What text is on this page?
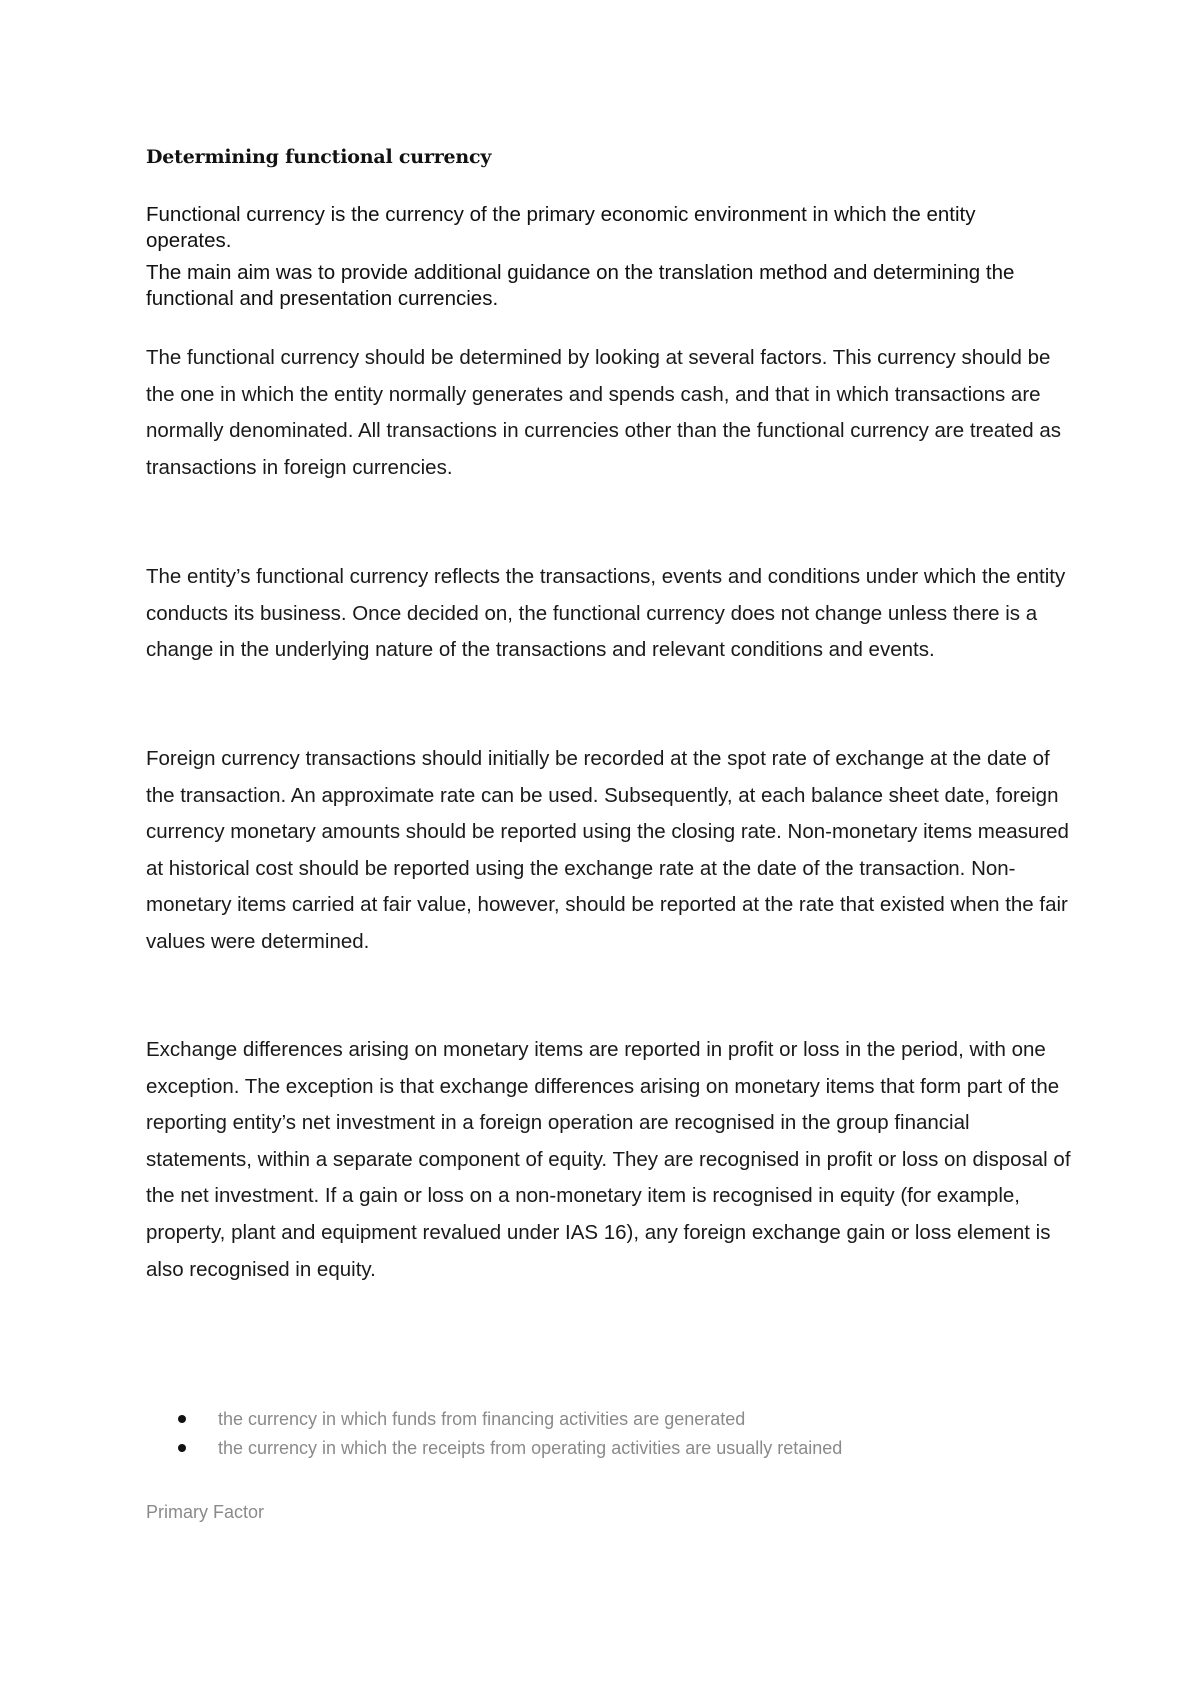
Determining functional currency

Functional currency is the currency of the primary economic environment in which the entity operates.

The main aim was to provide additional guidance on the translation method and determining the functional and presentation currencies.

The functional currency should be determined by looking at several factors. This currency should be the one in which the entity normally generates and spends cash, and that in which transactions are normally denominated. All transactions in currencies other than the functional currency are treated as transactions in foreign currencies.

The entity’s functional currency reflects the transactions, events and conditions under which the entity conducts its business. Once decided on, the functional currency does not change unless there is a change in the underlying nature of the transactions and relevant conditions and events.

Foreign currency transactions should initially be recorded at the spot rate of exchange at the date of the transaction. An approximate rate can be used. Subsequently, at each balance sheet date, foreign currency monetary amounts should be reported using the closing rate. Non-monetary items measured at historical cost should be reported using the exchange rate at the date of the transaction. Non-monetary items carried at fair value, however, should be reported at the rate that existed when the fair values were determined.

Exchange differences arising on monetary items are reported in profit or loss in the period, with one exception. The exception is that exchange differences arising on monetary items that form part of the reporting entity’s net investment in a foreign operation are recognised in the group financial statements, within a separate component of equity. They are recognised in profit or loss on disposal of the net investment. If a gain or loss on a non-monetary item is recognised in equity (for example, property, plant and equipment revalued under IAS 16), any foreign exchange gain or loss element is also recognised in equity.

the currency in which funds from financing activities are generated
the currency in which the receipts from operating activities are usually retained
Primary Factor
